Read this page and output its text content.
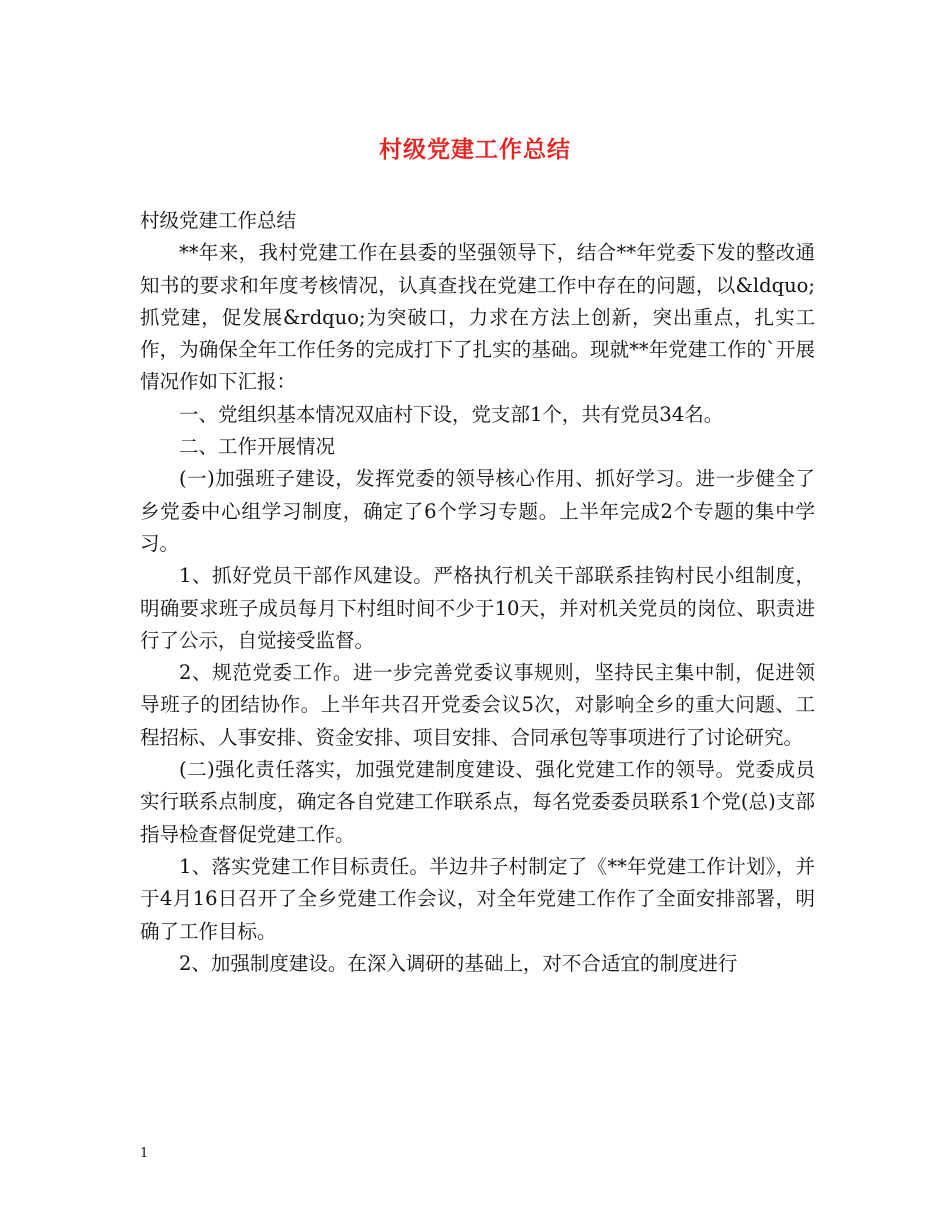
村级党建工作总结

村级党建工作总结

**年来，我村党建工作在县委的坚强领导下，结合**年党委下发的整改通知书的要求和年度考核情况，认真查找在党建工作中存在的问题，以&ldquo;抓党建，促发展&rdquo;为突破口，力求在方法上创新，突出重点，扎实工作，为确保全年工作任务的完成打下了扎实的基础。现就**年党建工作的`开展情况作如下汇报：

一、党组织基本情况双庙村下设，党支部1个，共有党员34名。

二、工作开展情况

(一)加强班子建设，发挥党委的领导核心作用、抓好学习。进一步健全了乡党委中心组学习制度，确定了6个学习专题。上半年完成2个专题的集中学习。

1、抓好党员干部作风建设。严格执行机关干部联系挂钩村民小组制度，明确要求班子成员每月下村组时间不少于10天，并对机关党员的岗位、职责进行了公示，自觉接受监督。

2、规范党委工作。进一步完善党委议事规则，坚持民主集中制，促进领导班子的团结协作。上半年共召开党委会议5次，对影响全乡的重大问题、工程招标、人事安排、资金安排、项目安排、合同承包等事项进行了讨论研究。

(二)强化责任落实，加强党建制度建设、强化党建工作的领导。党委成员实行联系点制度，确定各自党建工作联系点，每名党委委员联系1个党(总)支部指导检查督促党建工作。

1、落实党建工作目标责任。半边井子村制定了《**年党建工作计划》，并于4月16日召开了全乡党建工作会议，对全年党建工作作了全面安排部署，明确了工作目标。

2、加强制度建设。在深入调研的基础上，对不合适宜的制度进行

1
